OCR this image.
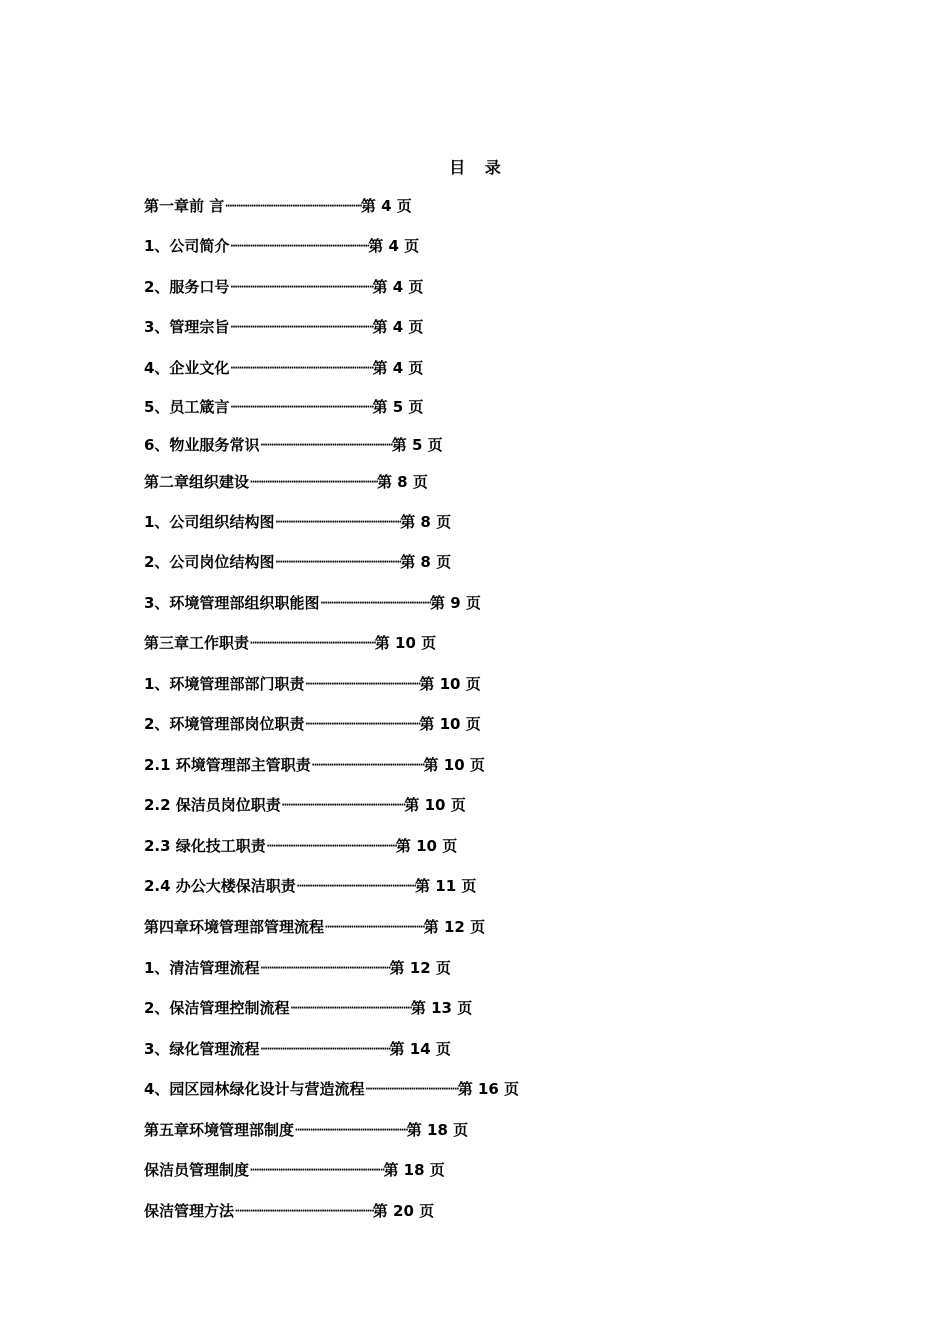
目 录
第一章前 言·······························································第 4 页
1、公司简介································································第 4 页
2、服务口号··································································第 4 页
3、管理宗旨··································································第 4 页
4、企业文化··································································第 4 页
5、员工箴言··································································第 5 页
6、物业服务常识·····························································第 5 页
第二章组织建设···························································第 8 页
1、公司组织结构图··························································第 8 页
2、公司岗位结构图··························································第 8 页
3、环境管理部组织职能图···················································第 9 页
第三章工作职责··························································第 10 页
1、环境管理部部门职责·····················································第 10 页
2、环境管理部岗位职责·····················································第 10 页
2.1 环境管理部主管职责····················································第 10 页
2.2 保洁员岗位职责·························································第 10 页
2.3 绿化技工职责····························································第 10 页
2.4 办公大楼保洁职责·······················································第 11 页
第四章环境管理部管理流程··············································第 12 页
1、清洁管理流程····························································第 12 页
2、保洁管理控制流程························································第 13 页
3、绿化管理流程····························································第 14 页
4、园区园林绿化设计与营造流程···········································第 16 页
第五章环境管理部制度····················································第 18 页
保洁员管理制度······························································第 18 页
保洁管理方法································································第 20 页
